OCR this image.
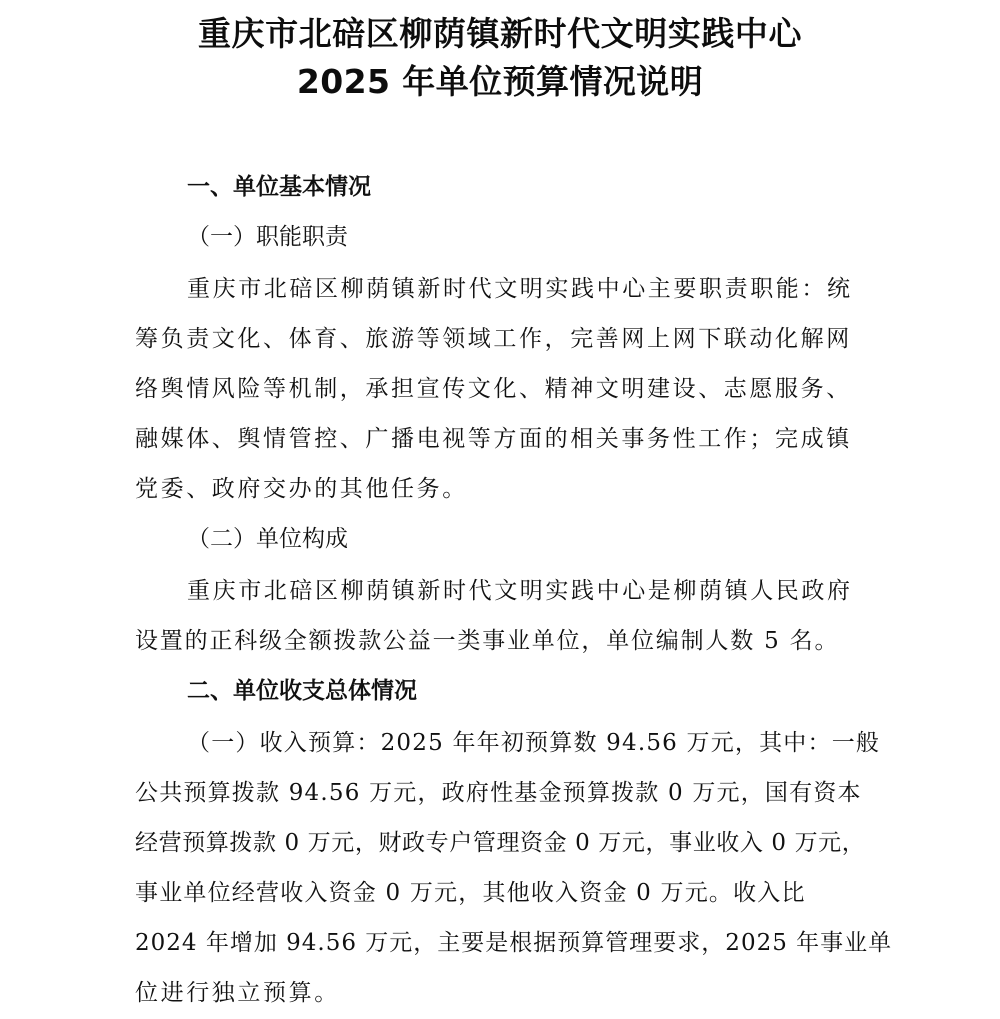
重庆市北碚区柳荫镇新时代文明实践中心
2025 年单位预算情况说明
一、单位基本情况
（一）职能职责
重庆市北碚区柳荫镇新时代文明实践中心主要职责职能：统
筹负责文化、体育、旅游等领域工作，完善网上网下联动化解网
络舆情风险等机制，承担宣传文化、精神文明建设、志愿服务、
融媒体、舆情管控、广播电视等方面的相关事务性工作；完成镇
党委、政府交办的其他任务。
（二）单位构成
重庆市北碚区柳荫镇新时代文明实践中心是柳荫镇人民政府
设置的正科级全额拨款公益一类事业单位，单位编制人数 5 名。
二、单位收支总体情况
（一）收入预算：2025 年年初预算数 94.56 万元，其中：一般
公共预算拨款 94.56 万元，政府性基金预算拨款 0 万元，国有资本
经营预算拨款 0 万元，财政专户管理资金 0 万元，事业收入 0 万元，
事业单位经营收入资金 0 万元，其他收入资金 0 万元。收入比
2024 年增加 94.56 万元，主要是根据预算管理要求，2025 年事业单
位进行独立预算。
